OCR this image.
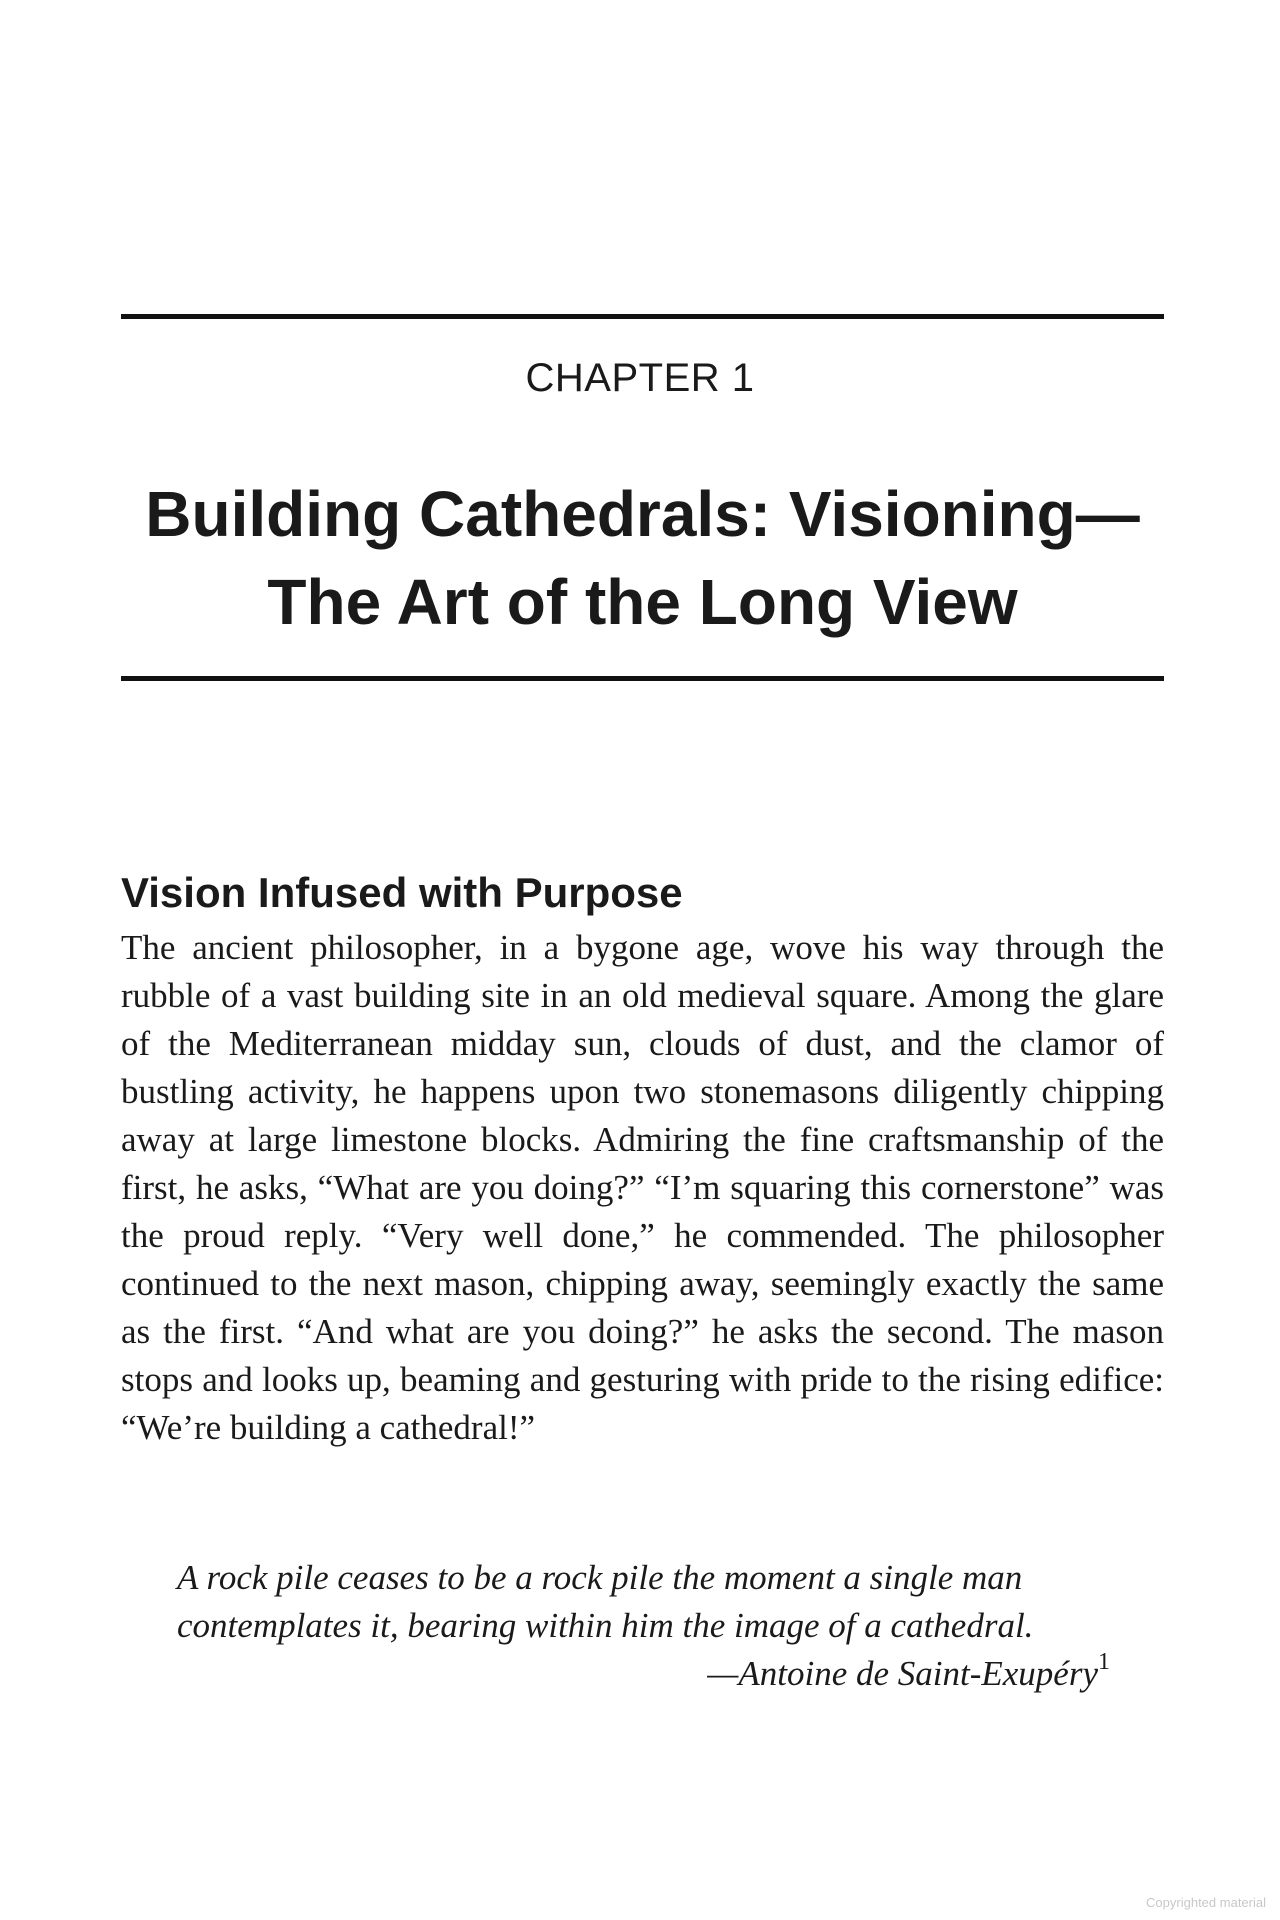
CHAPTER 1
Building Cathedrals: Visioning—
The Art of the Long View
Vision Infused with Purpose

The ancient philosopher, in a bygone age, wove his way through the rubble of a vast building site in an old medieval square. Among the glare of the Mediterranean midday sun, clouds of dust, and the clamor of bustling activity, he happens upon two stonemasons diligently chipping away at large limestone blocks. Admiring the fine craftsmanship of the first, he asks, “What are you doing?” “I’m squaring this cornerstone” was the proud reply. “Very well done,” he commended. The philosopher continued to the next mason, chipping away, seemingly exactly the same as the first. “And what are you doing?” he asks the second. The mason stops and looks up, beaming and gesturing with pride to the rising edifice: “We’re building a cathedral!”

A rock pile ceases to be a rock pile the moment a single man
contemplates it, bearing within him the image of a cathedral.
—Antoine de Saint-Exupéry$^1$
Copyrighted material
